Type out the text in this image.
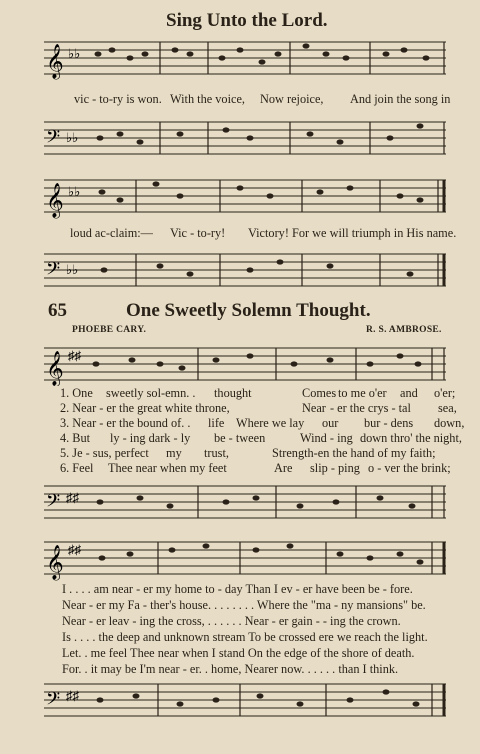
Sing Unto the Lord.
𝄞 ♭♭
vic - to-ry is won. With the voice, Now rejoice, And join the song in
𝄢 ♭♭
𝄞 ♭♭
loud ac-claim:— Vic - to-ry! Victory! For we will triumph in His name.
𝄢 ♭♭
65	One Sweetly Solemn Thought.
PHOEBE CARY.	R. S. AMBROSE.
𝄞 ♯♯
1. One sweetly sol-emn. . thought	Comes to me o'er and o'er;
2. Near - er the great white throne,	Near - er the crys - tal sea,
3. Near - er the bound of. . life Where we lay our bur - dens down,
4. But ly - ing dark - ly be - tween	Wind - ing down thro' the night,
5. Je - sus, perfect my trust,	Strength-en the hand of my faith;
6. Feel Thee near when my feet	Are slip - ping o - ver the brink;
𝄢 ♯♯
𝄞 ♯♯
I . . . . am near - er my home to - day Than I ev - er have been be - fore.
Near - er my Fa - ther's house. . . . . . . . Where the "ma - ny mansions" be.
Near - er leav - ing the cross, . . . . . . Near - er gain - - ing the crown.
Is . . . . the deep and unknown stream To be crossed ere we reach the light.
Let. . me feel Thee near when I stand On the edge of the shore of death.
For. . it may be I'm near - er. . home, Nearer now. . . . . . than I think.
𝄢 ♯♯
